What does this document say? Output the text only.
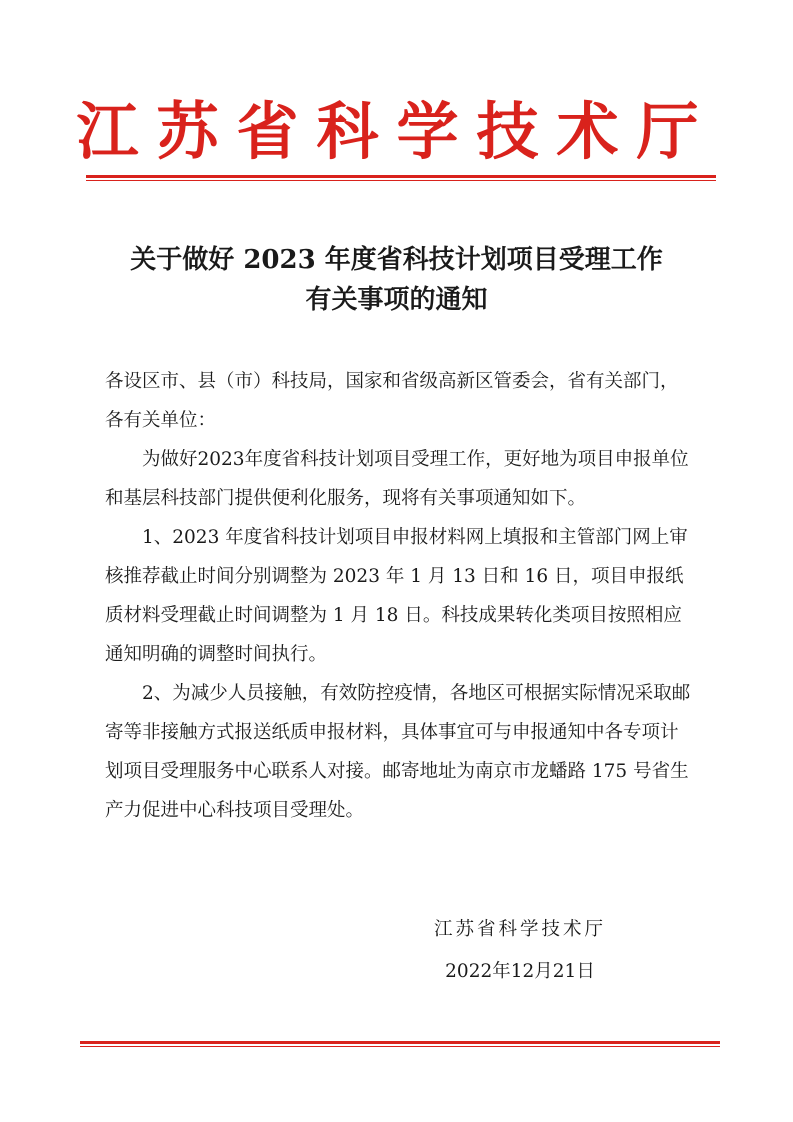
江苏省科学技术厅
关于做好 2023 年度省科技计划项目受理工作
有关事项的通知
各设区市、县（市）科技局，国家和省级高新区管委会，省有关部门，各有关单位：

为做好2023年度省科技计划项目受理工作，更好地为项目申报单位和基层科技部门提供便利化服务，现将有关事项通知如下。

1、2023 年度省科技计划项目申报材料网上填报和主管部门网上审核推荐截止时间分别调整为 2023 年 1 月 13 日和 16 日，项目申报纸质材料受理截止时间调整为 1 月 18 日。科技成果转化类项目按照相应通知明确的调整时间执行。

2、为减少人员接触，有效防控疫情，各地区可根据实际情况采取邮寄等非接触方式报送纸质申报材料，具体事宜可与申报通知中各专项计划项目受理服务中心联系人对接。邮寄地址为南京市龙蟠路 175 号省生产力促进中心科技项目受理处。

江苏省科学技术厅
2022年12月21日
